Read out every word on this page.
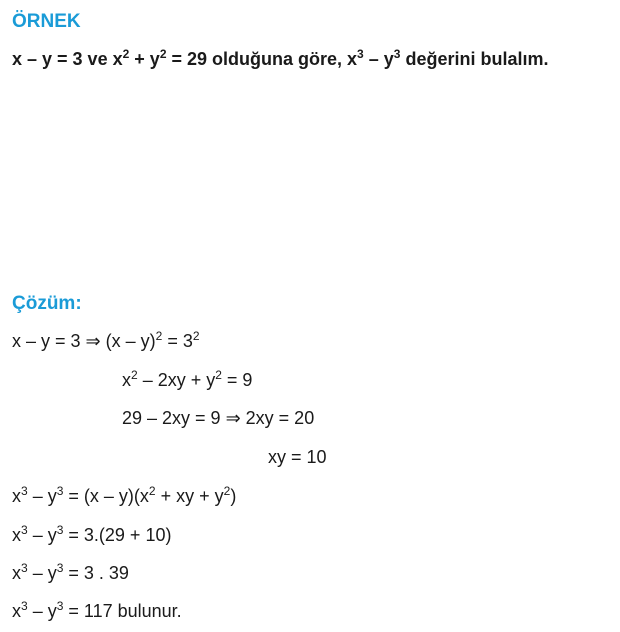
ÖRNEK
x – y = 3 ve $x^2 + y^2 = 29$ olduğuna göre, $x^3 - y^3$ değerini bulalım.
Çözüm:
x – y = 3 ⇒ $(x - y)^2 = 3^2$
$x^2 - 2xy + y^2 = 9$
29 – 2xy = 9 ⇒ 2xy = 20
xy = 10
$x^3 - y^3 = (x - y)(x^2$ + xy + $y^2$)
$x^3 - y^3 = 3.(29 + 10)$
$x^3 - y^3 = 3$ . 39
$x^3 - y^3 = 117$ bulunur.
